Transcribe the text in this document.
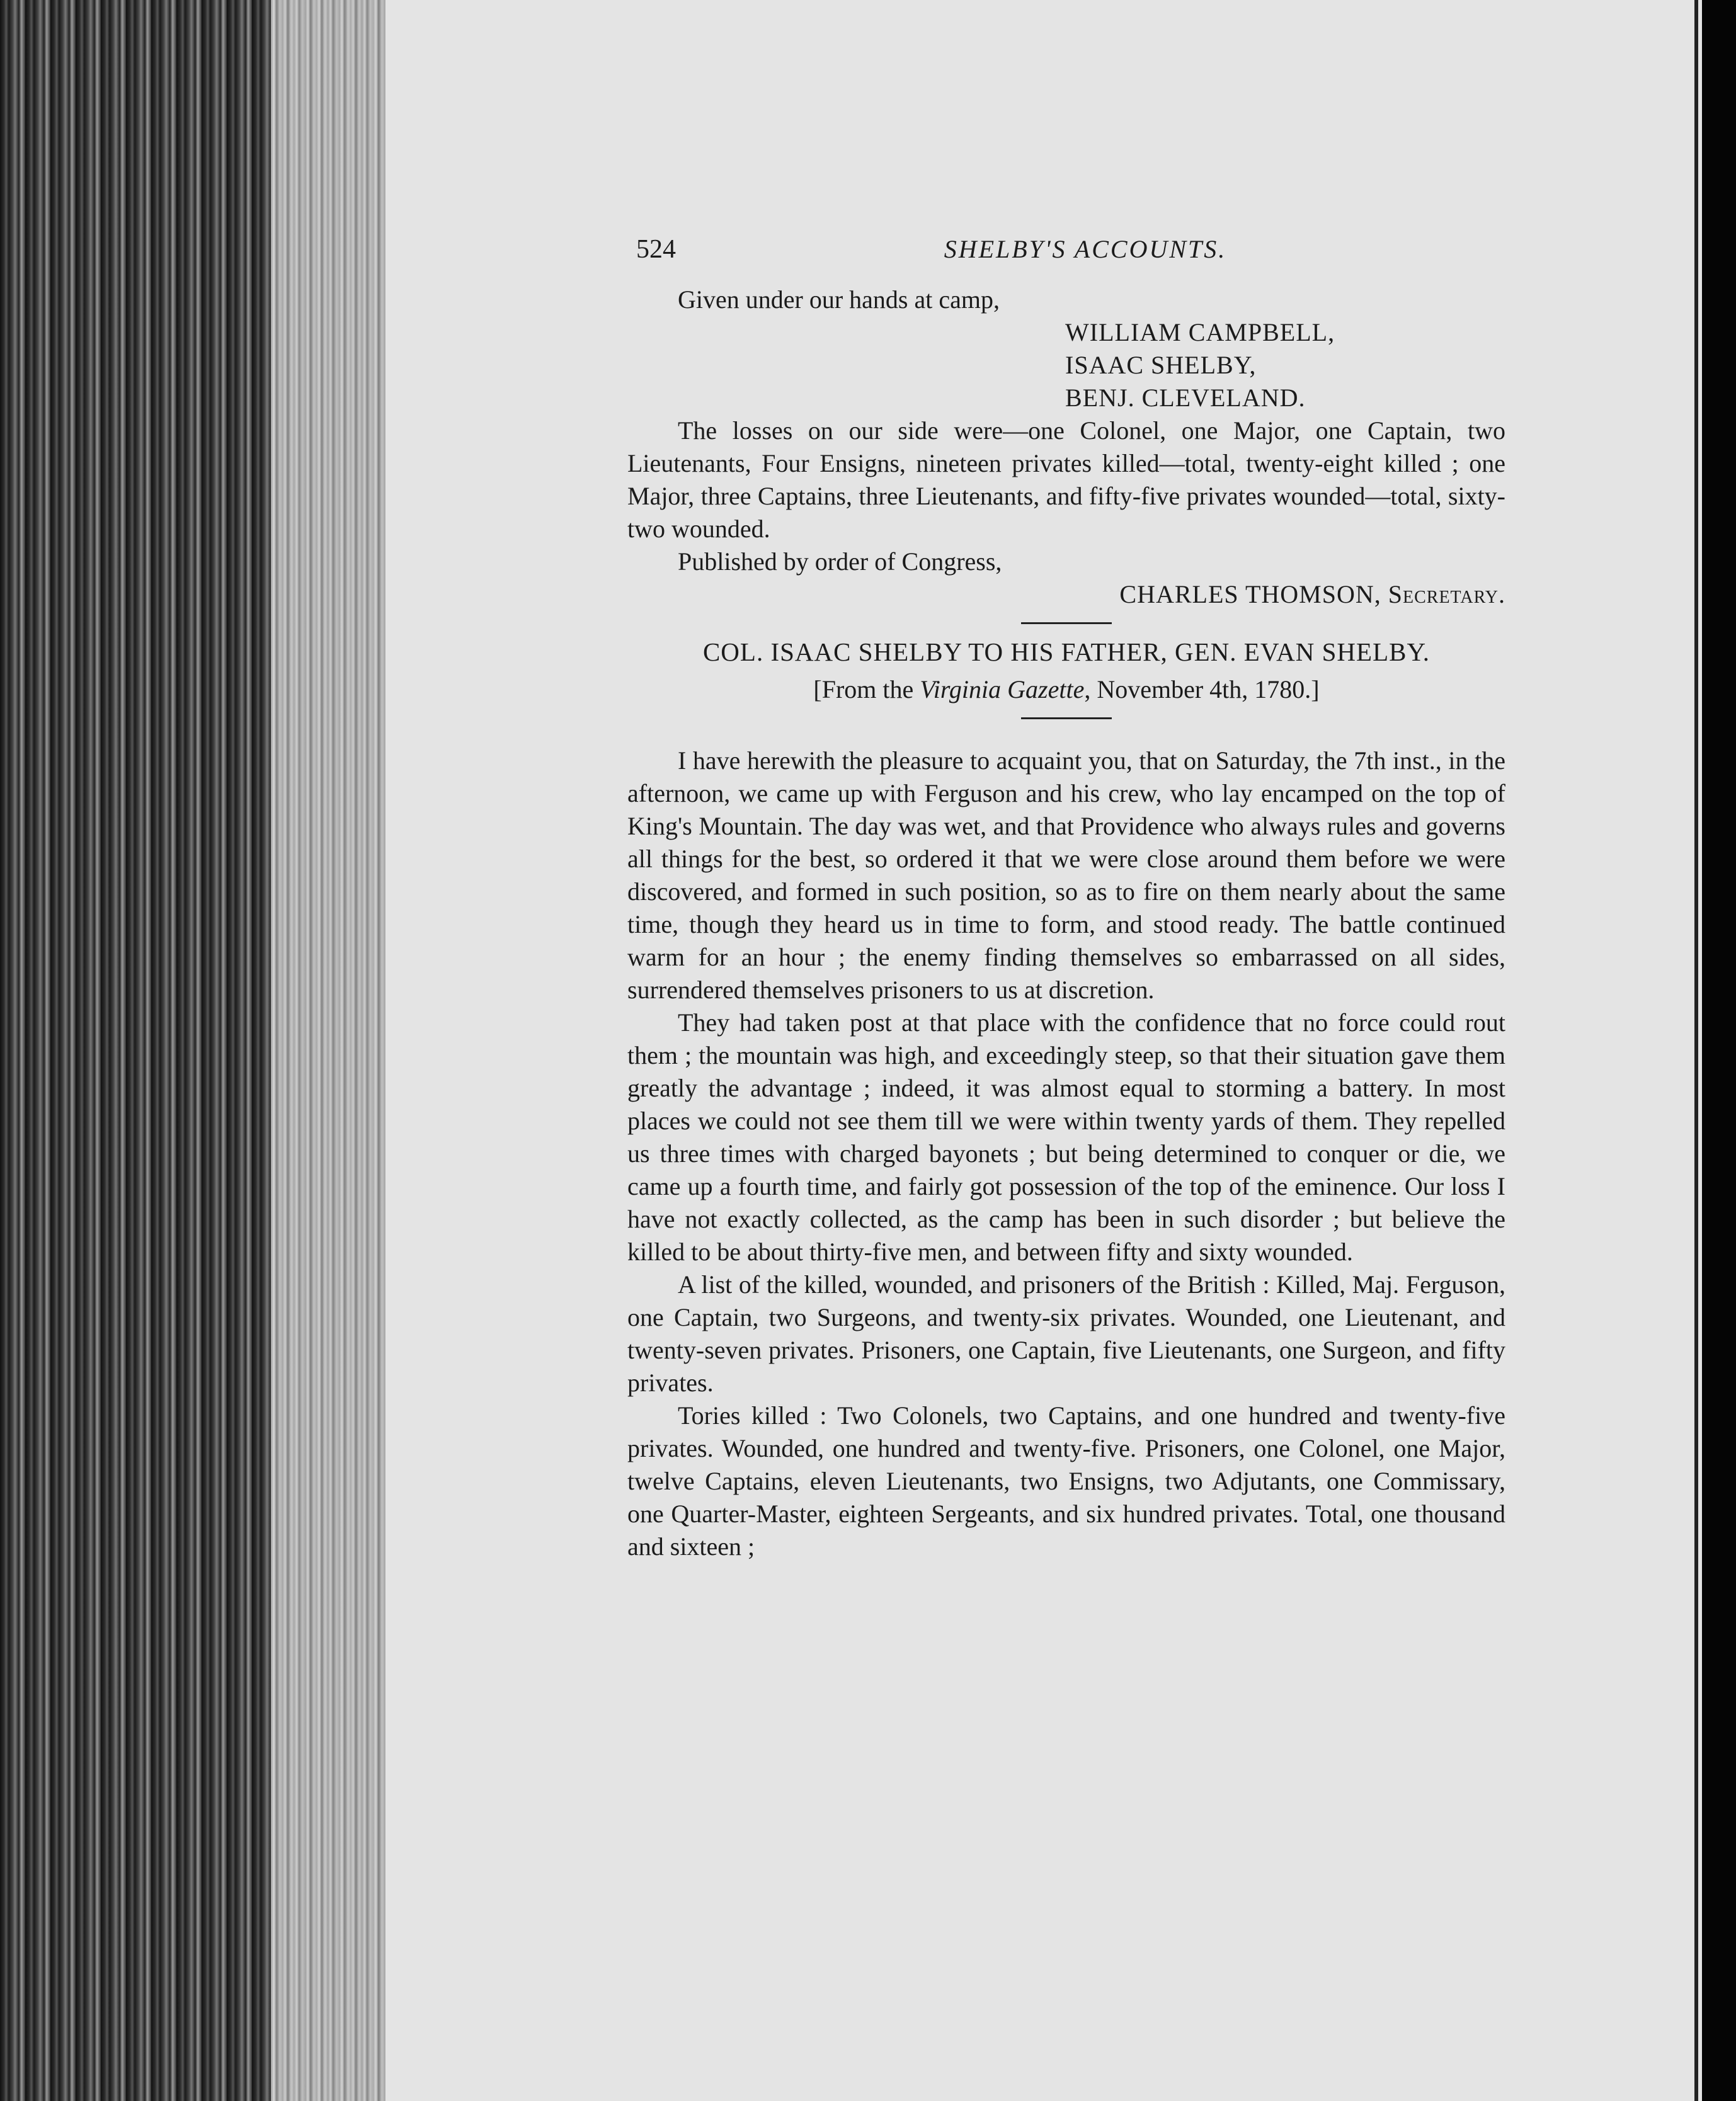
524	SHELBY'S ACCOUNTS.

Given under our hands at camp,

WILLIAM CAMPBELL,

ISAAC SHELBY,

BENJ. CLEVELAND.

The losses on our side were—one Colonel, one Major, one Captain, two Lieutenants, Four Ensigns, nineteen privates killed—total, twenty-eight killed ; one Major, three Captains, three Lieutenants, and fifty-five privates wounded—total, sixty-two wounded.

Published by order of Congress,

CHARLES THOMSON, Secretary.

COL. ISAAC SHELBY TO HIS FATHER, GEN. EVAN SHELBY.

[From the Virginia Gazette, November 4th, 1780.]

I have herewith the pleasure to acquaint you, that on Saturday, the 7th inst., in the afternoon, we came up with Ferguson and his crew, who lay encamped on the top of King's Mountain. The day was wet, and that Providence who always rules and governs all things for the best, so ordered it that we were close around them before we were discovered, and formed in such position, so as to fire on them nearly about the same time, though they heard us in time to form, and stood ready. The battle continued warm for an hour ; the enemy finding themselves so embarrassed on all sides, surrendered themselves prisoners to us at discretion.

They had taken post at that place with the confidence that no force could rout them ; the mountain was high, and exceedingly steep, so that their situation gave them greatly the advantage ; indeed, it was almost equal to storming a battery. In most places we could not see them till we were within twenty yards of them. They repelled us three times with charged bayonets ; but being determined to conquer or die, we came up a fourth time, and fairly got possession of the top of the eminence. Our loss I have not exactly collected, as the camp has been in such disorder ; but believe the killed to be about thirty-five men, and between fifty and sixty wounded.

A list of the killed, wounded, and prisoners of the British : Killed, Maj. Ferguson, one Captain, two Surgeons, and twenty-six privates. Wounded, one Lieutenant, and twenty-seven privates. Prisoners, one Captain, five Lieutenants, one Surgeon, and fifty privates.

Tories killed : Two Colonels, two Captains, and one hundred and twenty-five privates. Wounded, one hundred and twenty-five. Prisoners, one Colonel, one Major, twelve Captains, eleven Lieutenants, two Ensigns, two Adjutants, one Commissary, one Quarter-Master, eighteen Sergeants, and six hundred privates. Total, one thousand and sixteen ;
